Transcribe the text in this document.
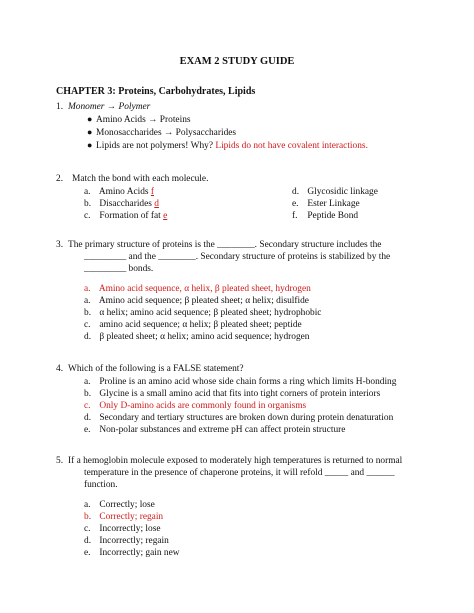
EXAM 2 STUDY GUIDE
CHAPTER 3: Proteins, Carbohydrates, Lipids
1. Monomer → Polymer
● Amino Acids → Proteins
● Monosaccharides → Polysaccharides
● Lipids are not polymers! Why? Lipids do not have covalent interactions.
2. Match the bond with each molecule.
a. Amino Acids f
b. Disaccharides d
c. Formation of fat e
d. Glycosidic linkage
e. Ester Linkage
f. Peptide Bond
3. The primary structure of proteins is the ________. Secondary structure includes the
_________ and the ________. Secondary structure of proteins is stabilized by the
_________ bonds.
a. Amino acid sequence, α helix, β pleated sheet, hydrogen
a. Amino acid sequence; β pleated sheet; α helix; disulfide
b. α helix; amino acid sequence; β pleated sheet; hydrophobic
c. amino acid sequence; α helix; β pleated sheet; peptide
d. β pleated sheet; α helix; amino acid sequence; hydrogen
4. Which of the following is a FALSE statement?
a. Proline is an amino acid whose side chain forms a ring which limits H-bonding
b. Glycine is a small amino acid that fits into tight corners of protein interiors
c. Only D-amino acids are commonly found in organisms
d. Secondary and tertiary structures are broken down during protein denaturation
e. Non-polar substances and extreme pH can affect protein structure
5. If a hemoglobin molecule exposed to moderately high temperatures is returned to normal
temperature in the presence of chaperone proteins, it will refold _____ and ______
function.
a. Correctly; lose
b. Correctly; regain
c. Incorrectly; lose
d. Incorrectly; regain
e. Incorrectly; gain new
